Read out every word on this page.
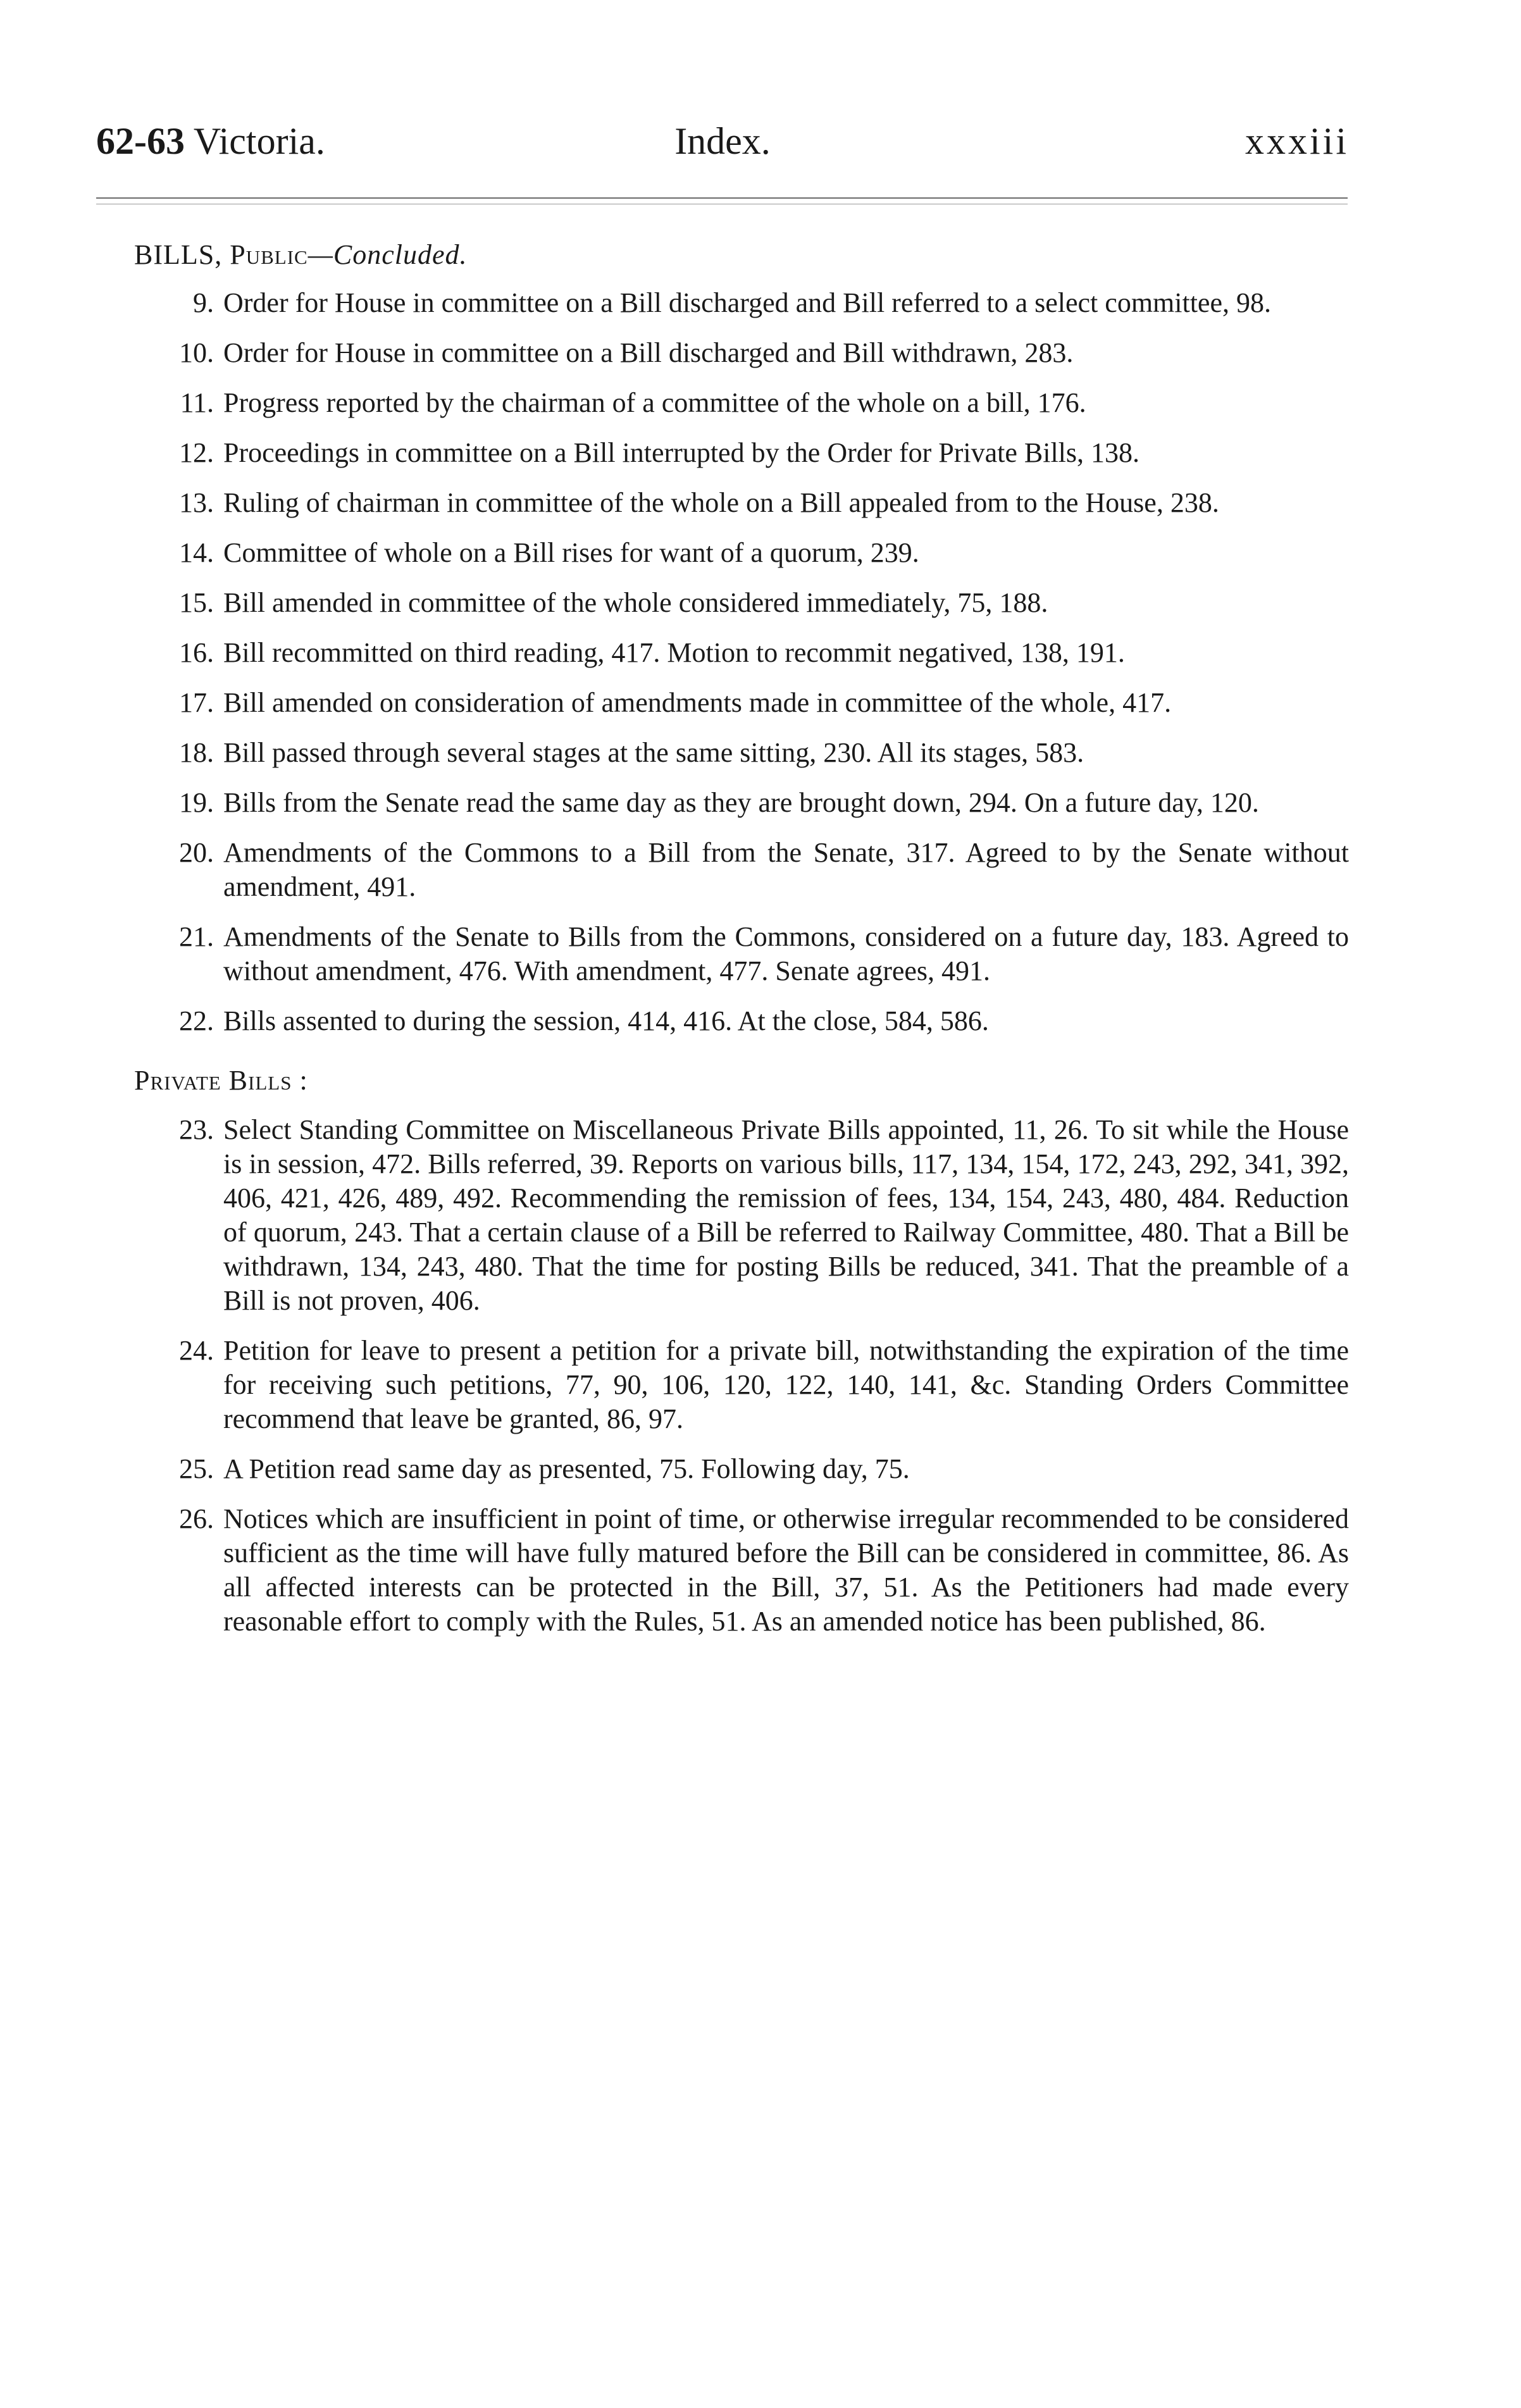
62-63 Victoria.	Index.	xxxiii
BILLS, Public—Concluded.
9. Order for House in committee on a Bill discharged and Bill referred to a select committee, 98.
10. Order for House in committee on a Bill discharged and Bill withdrawn, 283.
11. Progress reported by the chairman of a committee of the whole on a bill, 176.
12. Proceedings in committee on a Bill interrupted by the Order for Private Bills, 138.
13. Ruling of chairman in committee of the whole on a Bill appealed from to the House, 238.
14. Committee of whole on a Bill rises for want of a quorum, 239.
15. Bill amended in committee of the whole considered immediately, 75, 188.
16. Bill recommitted on third reading, 417. Motion to recommit negatived, 138, 191.
17. Bill amended on consideration of amendments made in committee of the whole, 417.
18. Bill passed through several stages at the same sitting, 230. All its stages, 583.
19. Bills from the Senate read the same day as they are brought down, 294. On a future day, 120.
20. Amendments of the Commons to a Bill from the Senate, 317. Agreed to by the Senate without amendment, 491.
21. Amendments of the Senate to Bills from the Commons, considered on a future day, 183. Agreed to without amendment, 476. With amendment, 477. Senate agrees, 491.
22. Bills assented to during the session, 414, 416. At the close, 584, 586.
Private Bills :
23. Select Standing Committee on Miscellaneous Private Bills appointed, 11, 26. To sit while the House is in session, 472. Bills referred, 39. Reports on various bills, 117, 134, 154, 172, 243, 292, 341, 392, 406, 421, 426, 489, 492. Recommending the remission of fees, 134, 154, 243, 480, 484. Reduction of quorum, 243. That a certain clause of a Bill be referred to Railway Committee, 480. That a Bill be withdrawn, 134, 243, 480. That the time for posting Bills be reduced, 341. That the preamble of a Bill is not proven, 406.
24. Petition for leave to present a petition for a private bill, notwithstanding the expiration of the time for receiving such petitions, 77, 90, 106, 120, 122, 140, 141, &c. Standing Orders Committee recommend that leave be granted, 86, 97.
25. A Petition read same day as presented, 75. Following day, 75.
26. Notices which are insufficient in point of time, or otherwise irregular recommended to be considered sufficient as the time will have fully matured before the Bill can be considered in committee, 86. As all affected interests can be protected in the Bill, 37, 51. As the Petitioners had made every reasonable effort to comply with the Rules, 51. As an amended notice has been published, 86.
